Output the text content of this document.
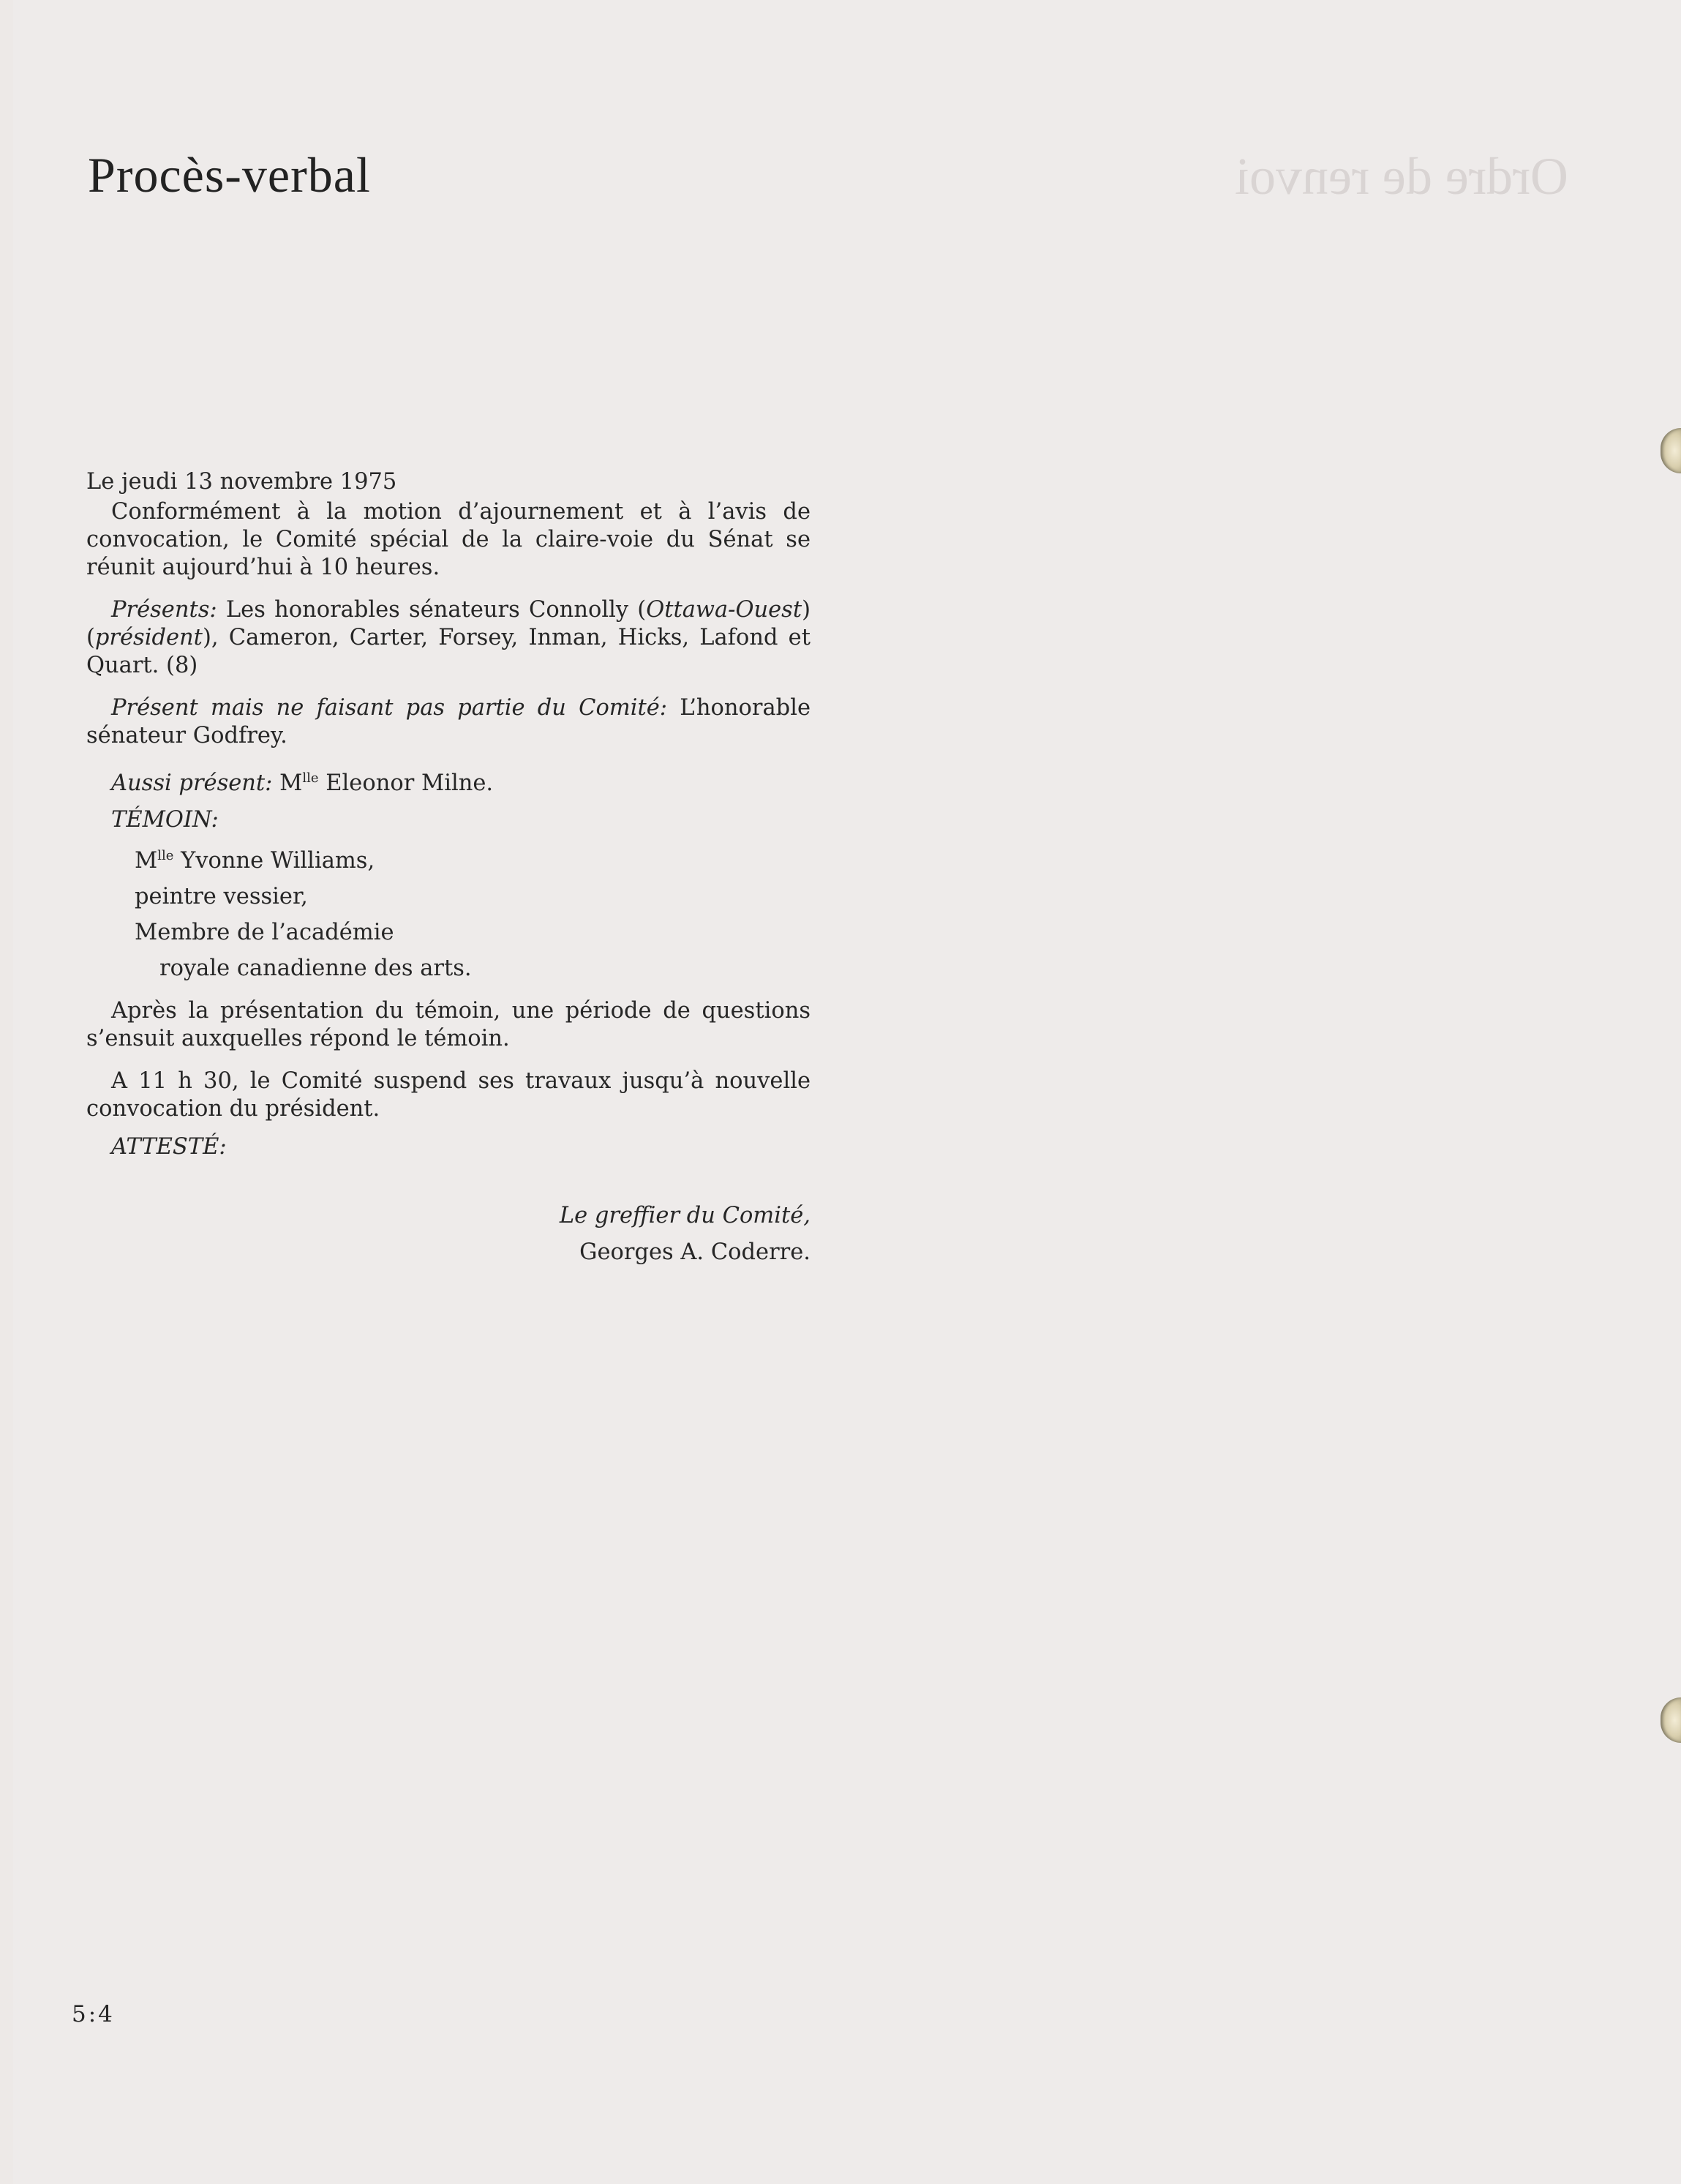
Ordre de renvoi
Procès-verbal

Le jeudi 13 novembre 1975

Conformément à la motion d’ajournement et à l’avis de convocation, le Comité spécial de la claire-voie du Sénat se réunit aujourd’hui à 10 heures.

Présents: Les honorables sénateurs Connolly (Ottawa-Ouest) (président), Cameron, Carter, Forsey, Inman, Hicks, Lafond et Quart. (8)

Présent mais ne faisant pas partie du Comité: L’honorable sénateur Godfrey.

Aussi présent: $M^{lle}$ Eleonor Milne.

TÉMOIN:

$M^{lle}$ Yvonne Williams,

peintre vessier,

Membre de l’académie

royale canadienne des arts.

Après la présentation du témoin, une période de questions s’ensuit auxquelles répond le témoin.

A 11 h 30, le Comité suspend ses travaux jusqu’à nouvelle convocation du président.

ATTESTÉ:

Le greffier du Comité,
Georges A. Coderre.

5:4
